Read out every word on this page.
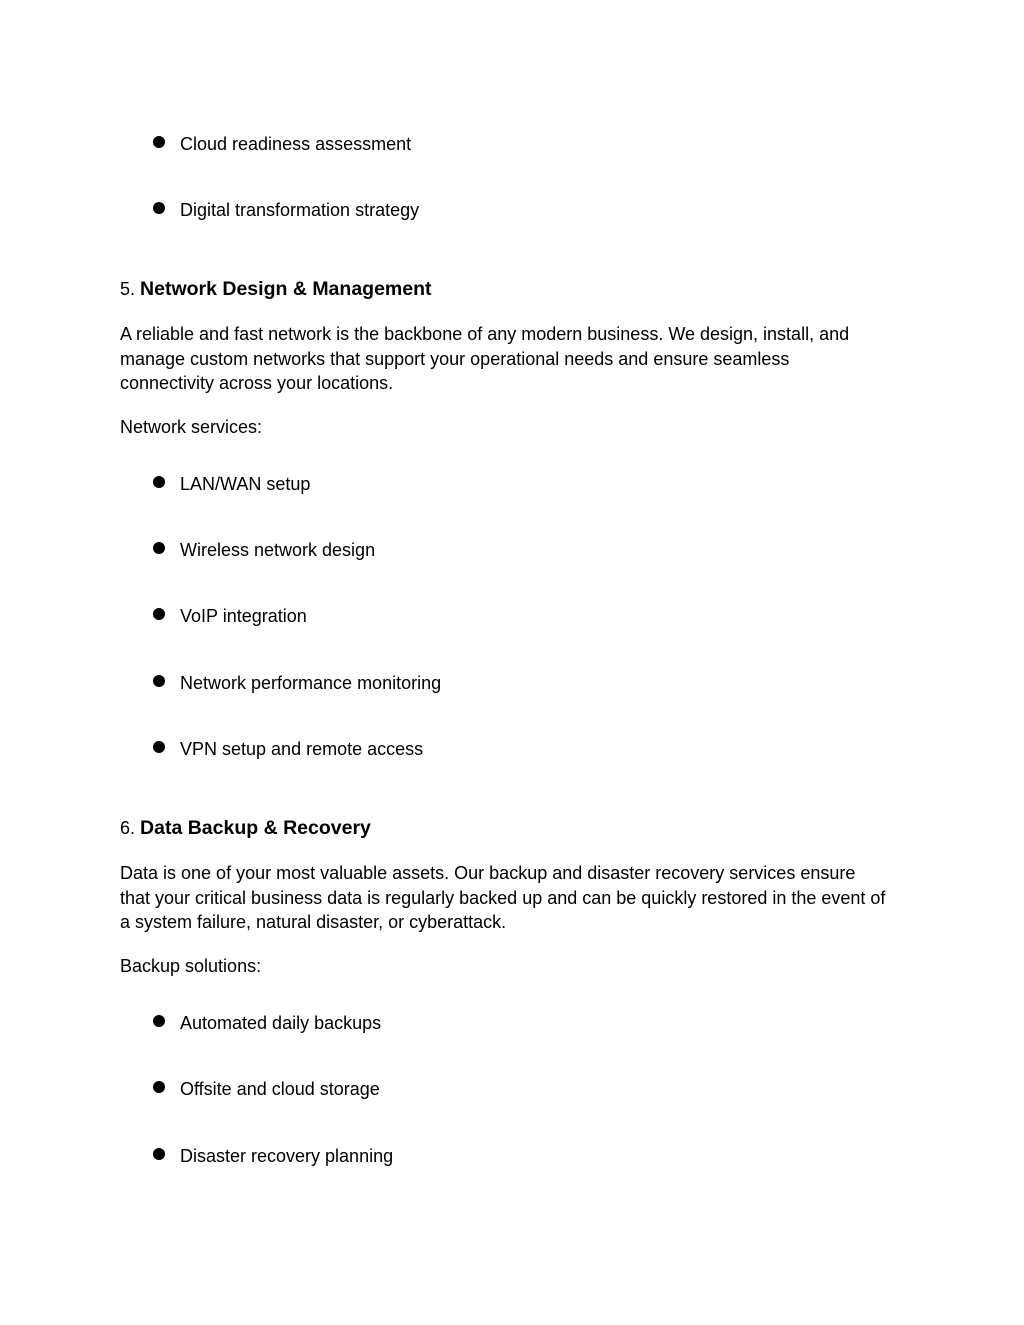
Cloud readiness assessment
Digital transformation strategy
5. Network Design & Management
A reliable and fast network is the backbone of any modern business. We design, install, and
manage custom networks that support your operational needs and ensure seamless
connectivity across your locations.
Network services:
LAN/WAN setup
Wireless network design
VoIP integration
Network performance monitoring
VPN setup and remote access
6. Data Backup & Recovery
Data is one of your most valuable assets. Our backup and disaster recovery services ensure
that your critical business data is regularly backed up and can be quickly restored in the event of
a system failure, natural disaster, or cyberattack.
Backup solutions:
Automated daily backups
Offsite and cloud storage
Disaster recovery planning
